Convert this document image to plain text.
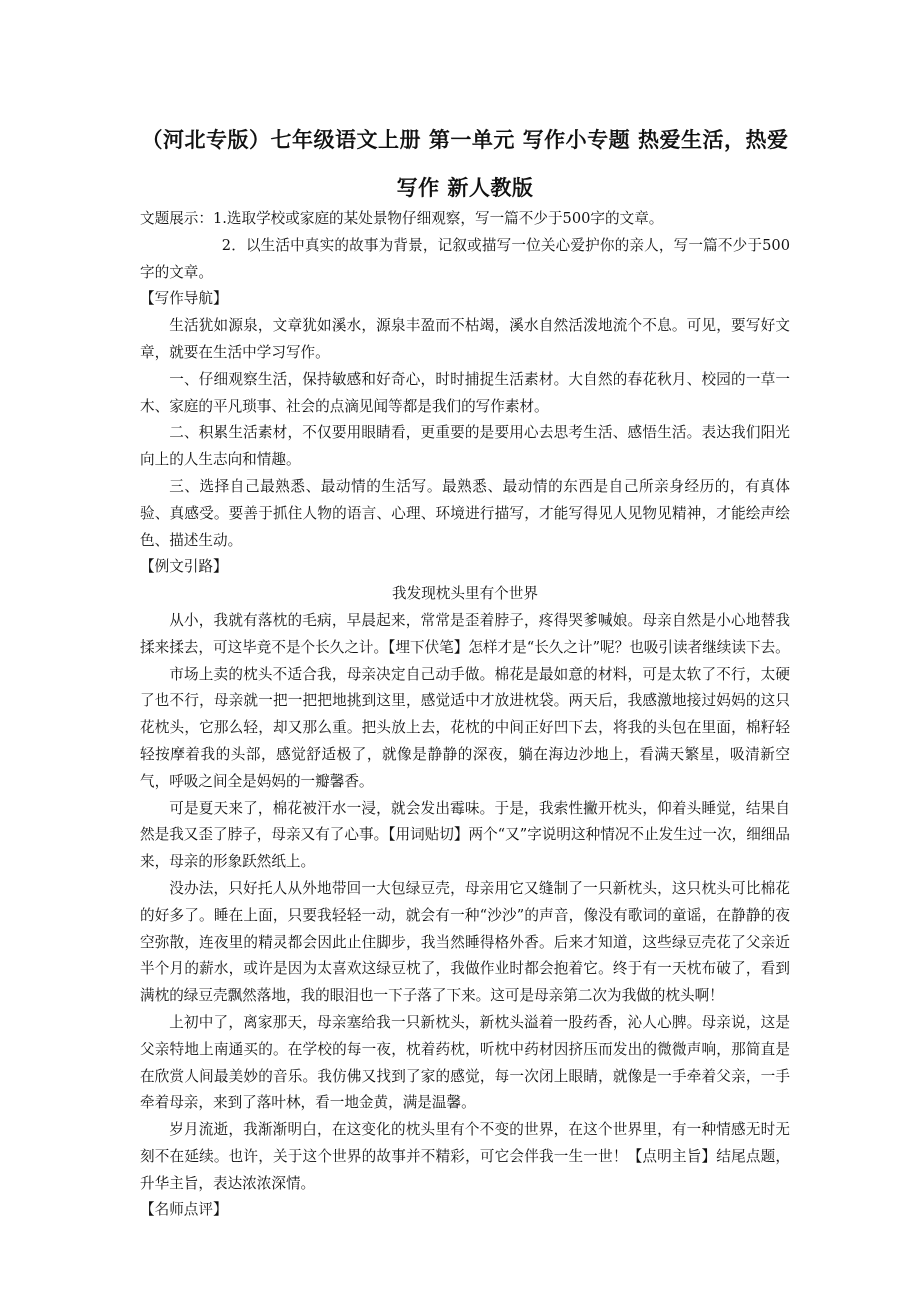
（河北专版）七年级语文上册 第一单元 写作小专题 热爱生活，热爱
写作 新人教版
文题展示：1.选取学校或家庭的某处景物仔细观察，写一篇不少于500字的文章。
2．以生活中真实的故事为背景，记叙或描写一位关心爱护你的亲人，写一篇不少于500字的文章。
【写作导航】

生活犹如源泉，文章犹如溪水，源泉丰盈而不枯竭，溪水自然活泼地流个不息。可见，要写好文章，就要在生活中学习写作。

一、仔细观察生活，保持敏感和好奇心，时时捕捉生活素材。大自然的春花秋月、校园的一草一木、家庭的平凡琐事、社会的点滴见闻等都是我们的写作素材。

二、积累生活素材，不仅要用眼睛看，更重要的是要用心去思考生活、感悟生活。表达我们阳光向上的人生志向和情趣。

三、选择自己最熟悉、最动情的生活写。最熟悉、最动情的东西是自己所亲身经历的，有真体验、真感受。要善于抓住人物的语言、心理、环境进行描写，才能写得见人见物见精神，才能绘声绘色、描述生动。

【例文引路】
我发现枕头里有个世界

从小，我就有落枕的毛病，早晨起来，常常是歪着脖子，疼得哭爹喊娘。母亲自然是小心地替我揉来揉去，可这毕竟不是个长久之计。【埋下伏笔】怎样才是“长久之计”呢？也吸引读者继续读下去。

市场上卖的枕头不适合我，母亲决定自己动手做。棉花是最如意的材料，可是太软了不行，太硬了也不行，母亲就一把一把把地挑到这里，感觉适中才放进枕袋。两天后，我感激地接过妈妈的这只花枕头，它那么轻，却又那么重。把头放上去，花枕的中间正好凹下去，将我的头包在里面，棉籽轻轻按摩着我的头部，感觉舒适极了，就像是静静的深夜，躺在海边沙地上，看满天繁星，吸清新空气，呼吸之间全是妈妈的一瓣馨香。

可是夏天来了，棉花被汗水一浸，就会发出霉味。于是，我索性撇开枕头，仰着头睡觉，结果自然是我又歪了脖子，母亲又有了心事。【用词贴切】两个“又”字说明这种情况不止发生过一次，细细品来，母亲的形象跃然纸上。

没办法，只好托人从外地带回一大包绿豆壳，母亲用它又缝制了一只新枕头，这只枕头可比棉花的好多了。睡在上面，只要我轻轻一动，就会有一种“沙沙”的声音，像没有歌词的童谣，在静静的夜空弥散，连夜里的精灵都会因此止住脚步，我当然睡得格外香。后来才知道，这些绿豆壳花了父亲近半个月的薪水，或许是因为太喜欢这绿豆枕了，我做作业时都会抱着它。终于有一天枕布破了，看到满枕的绿豆壳飘然落地，我的眼泪也一下子落了下来。这可是母亲第二次为我做的枕头啊！

上初中了，离家那天，母亲塞给我一只新枕头，新枕头溢着一股药香，沁人心脾。母亲说，这是父亲特地上南通买的。在学校的每一夜，枕着药枕，听枕中药材因挤压而发出的微微声响，那简直是在欣赏人间最美妙的音乐。我仿佛又找到了家的感觉，每一次闭上眼睛，就像是一手牵着父亲，一手牵着母亲，来到了落叶林，看一地金黄，满是温馨。

岁月流逝，我渐渐明白，在这变化的枕头里有个不变的世界，在这个世界里，有一种情感无时无刻不在延续。也许，关于这个世界的故事并不精彩，可它会伴我一生一世！【点明主旨】结尾点题，升华主旨，表达浓浓深情。

【名师点评】
